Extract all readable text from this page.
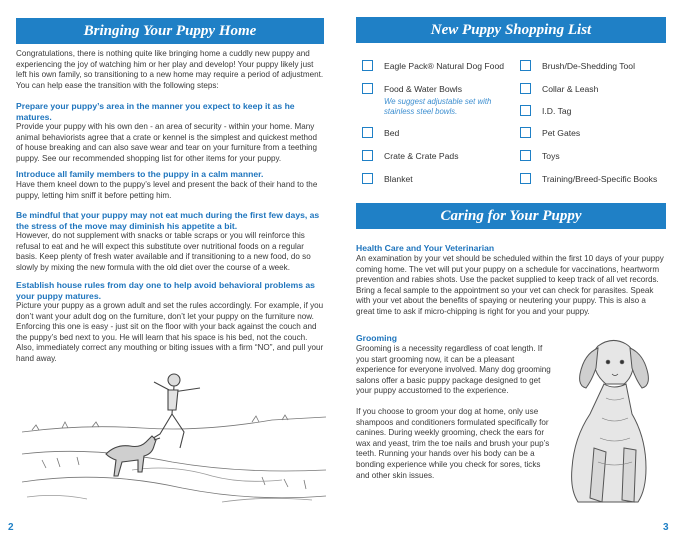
Bringing Your Puppy Home

Congratulations, there is nothing quite like bringing home a cuddly new puppy and experiencing the joy of watching him or her play and develop! Your puppy likely just left his own family, so transitioning to a new home may require a period of adjustment. You can help ease the transition with the following steps:

Prepare your puppy’s area in the manner you expect to keep it as he matures.

Provide your puppy with his own den - an area of security - within your home. Many animal behaviorists agree that a crate or kennel is the simplest and quickest method of house breaking and can also save wear and tear on your furniture from a teething puppy. See our recommended shopping list for other items for your puppy.

Introduce all family members to the puppy in a calm manner.

Have them kneel down to the puppy’s level and present the back of their hand to the puppy, letting him sniff it before petting him.

Be mindful that your puppy may not eat much during the first few days, as the stress of the move may diminish his appetite a bit.

However, do not supplement with snacks or table scraps or you will reinforce this refusal to eat and he will expect this substitute over nutritional foods on a regular basis. Keep plenty of fresh water available and if transitioning to a new food, do so slowly by mixing the new formula with the old diet over the course of a week.

Establish house rules from day one to help avoid behavioral problems as your puppy matures.

Picture your puppy as a grown adult and set the rules accordingly. For example, if you don’t want your adult dog on the furniture, don’t let your puppy on the furniture now. Enforcing this one is easy - just sit on the floor with your back against the couch and the puppy’s bed next to you. He will learn that his space is his bed, not the couch. Also, immediately correct any mouthing or biting issues with a firm “NO”, and pull your hand away.

2
New Puppy Shopping List
Eagle Pack® Natural Dog Food
Food & Water Bowls
We suggest adjustable set with stainless steel bowls.
Bed
Crate & Crate Pads
Blanket
Brush/De-Shedding Tool
Collar & Leash
I.D. Tag
Pet Gates
Toys
Training/Breed-Specific Books
Caring for Your Puppy

Health Care and Your Veterinarian

An examination by your vet should be scheduled within the first 10 days of your puppy coming home. The vet will put your puppy on a schedule for vaccinations, heartworm prevention and rabies shots. Use the packet supplied to keep track of all vet records. Bring a fecal sample to the appointment so your vet can check for parasites. Speak with your vet about the benefits of spaying or neutering your puppy. This is also a great time to ask if micro-chipping is right for you and your puppy.

Grooming

Grooming is a necessity regardless of coat length. If you start grooming now, it can be a pleasant experience for everyone involved. Many dog grooming salons offer a basic puppy package designed to get your puppy accustomed to the experience.

If you choose to groom your dog at home, only use shampoos and conditioners formulated specifically for canines. During weekly grooming, check the ears for wax and yeast, trim the toe nails and brush your pup’s teeth. Running your hands over his body can be a bonding experience while you check for sores, ticks and other skin issues.

3
